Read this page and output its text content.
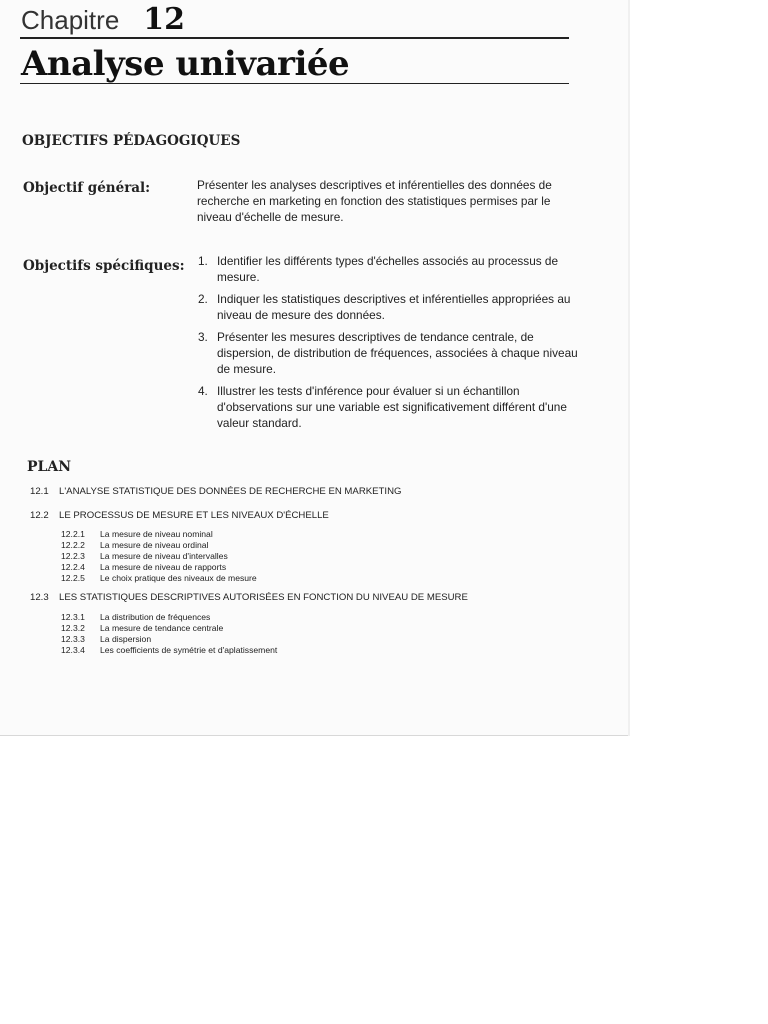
Chapitre 12
Analyse univariée
OBJECTIFS PÉDAGOGIQUES
Objectif général:	Présenter les analyses descriptives et inférentielles des données de recherche en marketing en fonction des statistiques permises par le niveau d'échelle de mesure.
Objectifs spécifiques: 1. Identifier les différents types d'échelles associés au processus de mesure.
2. Indiquer les statistiques descriptives et inférentielles appropriées au niveau de mesure des données.
3. Présenter les mesures descriptives de tendance centrale, de dispersion, de distribution de fréquences, associées à chaque niveau de mesure.
4. Illustrer les tests d'inférence pour évaluer si un échantillon d'observations sur une variable est significativement différent d'une valeur standard.
PLAN
12.1 L'ANALYSE STATISTIQUE DES DONNÉES DE RECHERCHE EN MARKETING
12.2 LE PROCESSUS DE MESURE ET LES NIVEAUX D'ÉCHELLE
12.2.1 La mesure de niveau nominal
12.2.2 La mesure de niveau ordinal
12.2.3 La mesure de niveau d'intervalles
12.2.4 La mesure de niveau de rapports
12.2.5 Le choix pratique des niveaux de mesure
12.3 LES STATISTIQUES DESCRIPTIVES AUTORISÉES EN FONCTION DU NIVEAU DE MESURE
12.3.1 La distribution de fréquences
12.3.2 La mesure de tendance centrale
12.3.3 La dispersion
12.3.4 Les coefficients de symétrie et d'aplatissement
